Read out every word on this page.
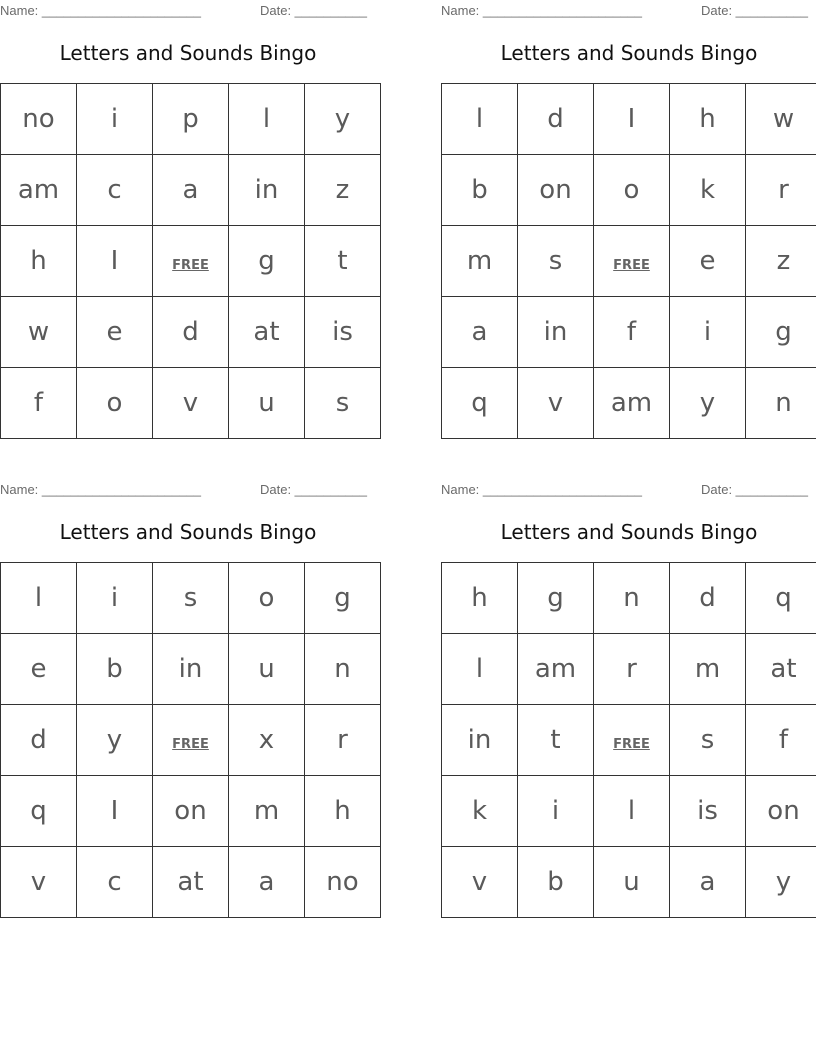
Name: ______________________	Date: __________
Letters and Sounds Bingo
no	i	p	l	y
am	c	a	in	z
h	I	FREE	g	t
w	e	d	at	is
f	o	v	u	s
Name: ______________________	Date: __________
Letters and Sounds Bingo
l	d	I	h	w
b	on	o	k	r
m	s	FREE	e	z
a	in	f	i	g
q	v	am	y	n
Name: ______________________	Date: __________
Letters and Sounds Bingo
l	i	s	o	g
e	b	in	u	n
d	y	FREE	x	r
q	I	on	m	h
v	c	at	a	no
Name: ______________________	Date: __________
Letters and Sounds Bingo
h	g	n	d	q
l	am	r	m	at
in	t	FREE	s	f
k	i	l	is	on
v	b	u	a	y
